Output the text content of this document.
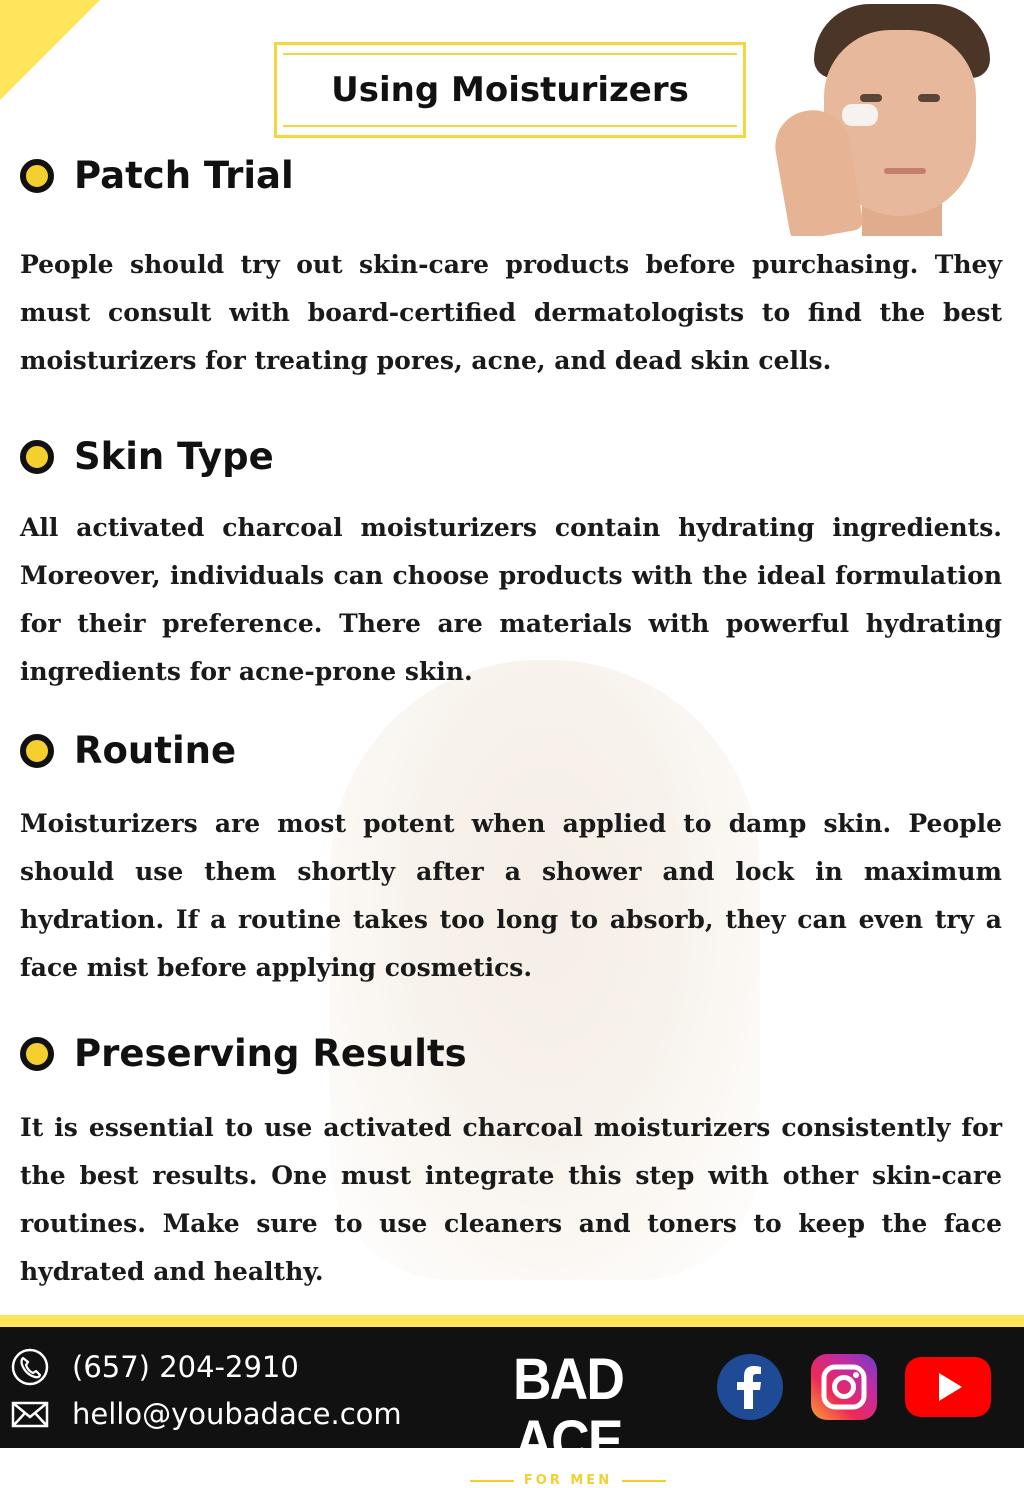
Using Moisturizers
Patch Trial

People should try out skin-care products before purchasing. They must consult with board-certified dermatologists to find the best moisturizers for treating pores, acne, and dead skin cells.

Skin Type

All activated charcoal moisturizers contain hydrating ingredients. Moreover, individuals can choose products with the ideal formulation for their preference. There are materials with powerful hydrating ingredients for acne-prone skin.

Routine

Moisturizers are most potent when applied to damp skin. People should use them shortly after a shower and lock in maximum hydration. If a routine takes too long to absorb, they can even try a face mist before applying cosmetics.

Preserving Results

It is essential to use activated charcoal moisturizers consistently for the best results. One must integrate this step with other skin-care routines. Make sure to use cleaners and toners to keep the face hydrated and healthy.

(657) 204-2910
hello@youbadace.com
BAD ACE
FOR MEN
